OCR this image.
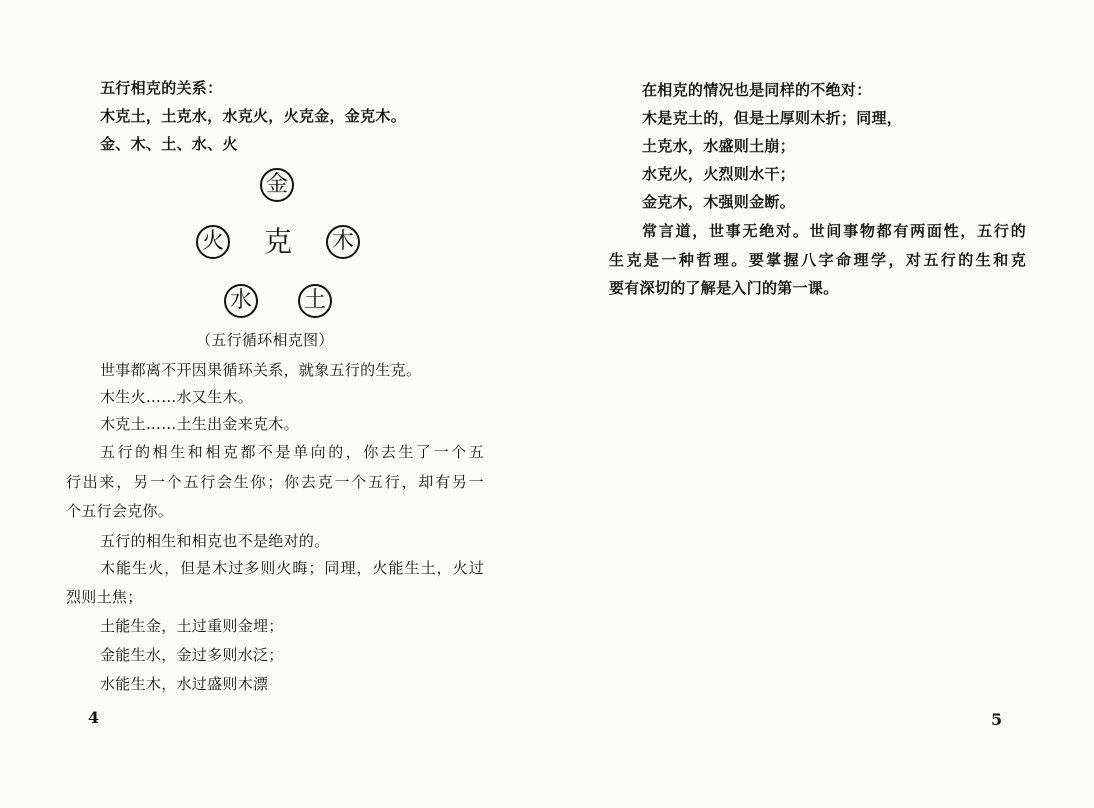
五行相克的关系：
木克土，土克水，水克火，火克金，金克木。
金、木、土、水、火
金
火 克 木
水 土
（五行循环相克图）
世事都离不开因果循环关系，就象五行的生克。
木生火……水又生木。
木克土……土生出金来克木。
五行的相生和相克都不是单向的，你去生了一个五
行出来，另一个五行会生你；你去克一个五行，却有另一
个五行会克你。
五行的相生和相克也不是绝对的。
木能生火，但是木过多则火晦；同理，火能生土，火过
烈则土焦；
土能生金，土过重则金埋；
金能生水，金过多则水泛；
水能生木，水过盛则木漂
4
在相克的情况也是同样的不绝对：
木是克土的，但是土厚则木折；同理，
土克水，水盛则土崩；
水克火，火烈则水干；
金克木，木强则金断。
常言道，世事无绝对。世间事物都有两面性，五行的
生克是一种哲理。要掌握八字命理学，对五行的生和克
要有深切的了解是入门的第一课。
5
